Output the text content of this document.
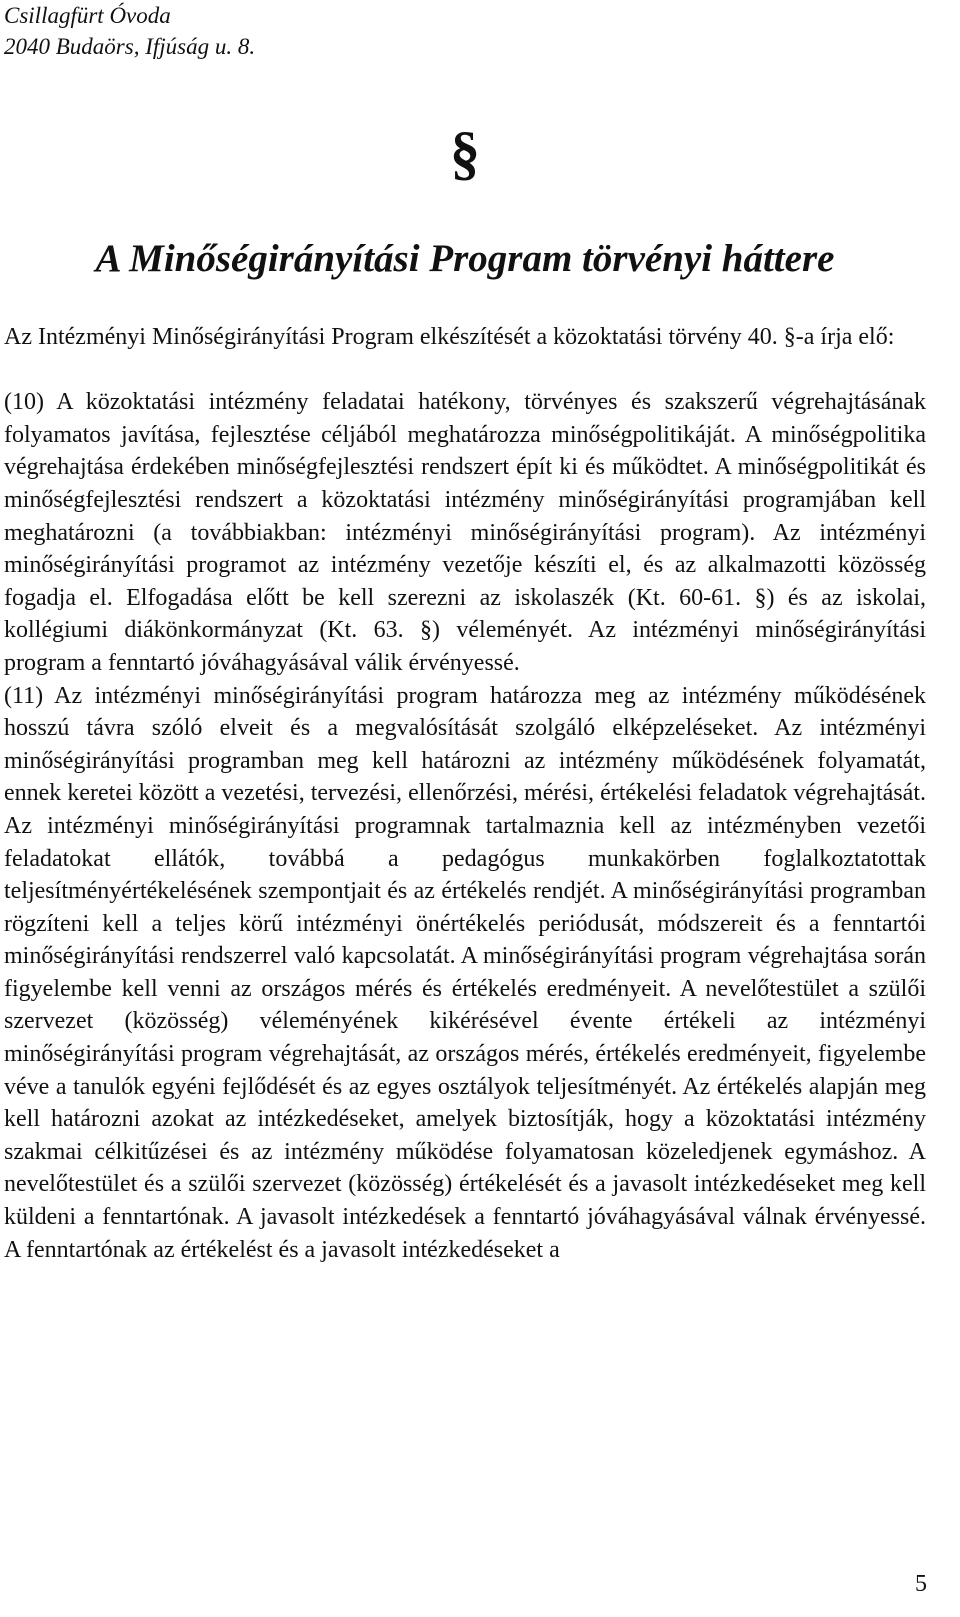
Csillagfürt Óvoda
2040 Budaörs, Ifjúság u. 8.
§
A Minőségirányítási Program törvényi háttere

Az Intézményi Minőségirányítási Program elkészítését a közoktatási törvény 40. §-a írja elő:

(10) A közoktatási intézmény feladatai hatékony, törvényes és szakszerű végrehajtásának folyamatos javítása, fejlesztése céljából meghatározza minőségpolitikáját. A minőségpolitika végrehajtása érdekében minőségfejlesztési rendszert épít ki és működtet. A minőségpolitikát és minőségfejlesztési rendszert a közoktatási intézmény minőségirányítási programjában kell meghatározni (a továbbiakban: intézményi minőségirányítási program). Az intézményi minőségirányítási programot az intézmény vezetője készíti el, és az alkalmazotti közösség fogadja el. Elfogadása előtt be kell szerezni az iskolaszék (Kt. 60-61. §) és az iskolai, kollégiumi diákönkormányzat (Kt. 63. §) véleményét. Az intézményi minőségirányítási program a fenntartó jóváhagyásával válik érvényessé.

(11) Az intézményi minőségirányítási program határozza meg az intézmény működésének hosszú távra szóló elveit és a megvalósítását szolgáló elképzeléseket. Az intézményi minőségirányítási programban meg kell határozni az intézmény működésének folyamatát, ennek keretei között a vezetési, tervezési, ellenőrzési, mérési, értékelési feladatok végrehajtását. Az intézményi minőségirányítási programnak tartalmaznia kell az intézményben vezetői feladatokat ellátók, továbbá a pedagógus munkakörben foglalkoztatottak teljesítményértékelésének szempontjait és az értékelés rendjét. A minőségirányítási programban rögzíteni kell a teljes körű intézményi önértékelés periódusát, módszereit és a fenntartói minőségirányítási rendszerrel való kapcsolatát. A minőségirányítási program végrehajtása során figyelembe kell venni az országos mérés és értékelés eredményeit. A nevelőtestület a szülői szervezet (közösség) véleményének kikérésével évente értékeli az intézményi minőségirányítási program végrehajtását, az országos mérés, értékelés eredményeit, figyelembe véve a tanulók egyéni fejlődését és az egyes osztályok teljesítményét. Az értékelés alapján meg kell határozni azokat az intézkedéseket, amelyek biztosítják, hogy a közoktatási intézmény szakmai célkitűzései és az intézmény működése folyamatosan közeledjenek egymáshoz. A nevelőtestület és a szülői szervezet (közösség) értékelését és a javasolt intézkedéseket meg kell küldeni a fenntartónak. A javasolt intézkedések a fenntartó jóváhagyásával válnak érvényessé. A fenntartónak az értékelést és a javasolt intézkedéseket a

5
